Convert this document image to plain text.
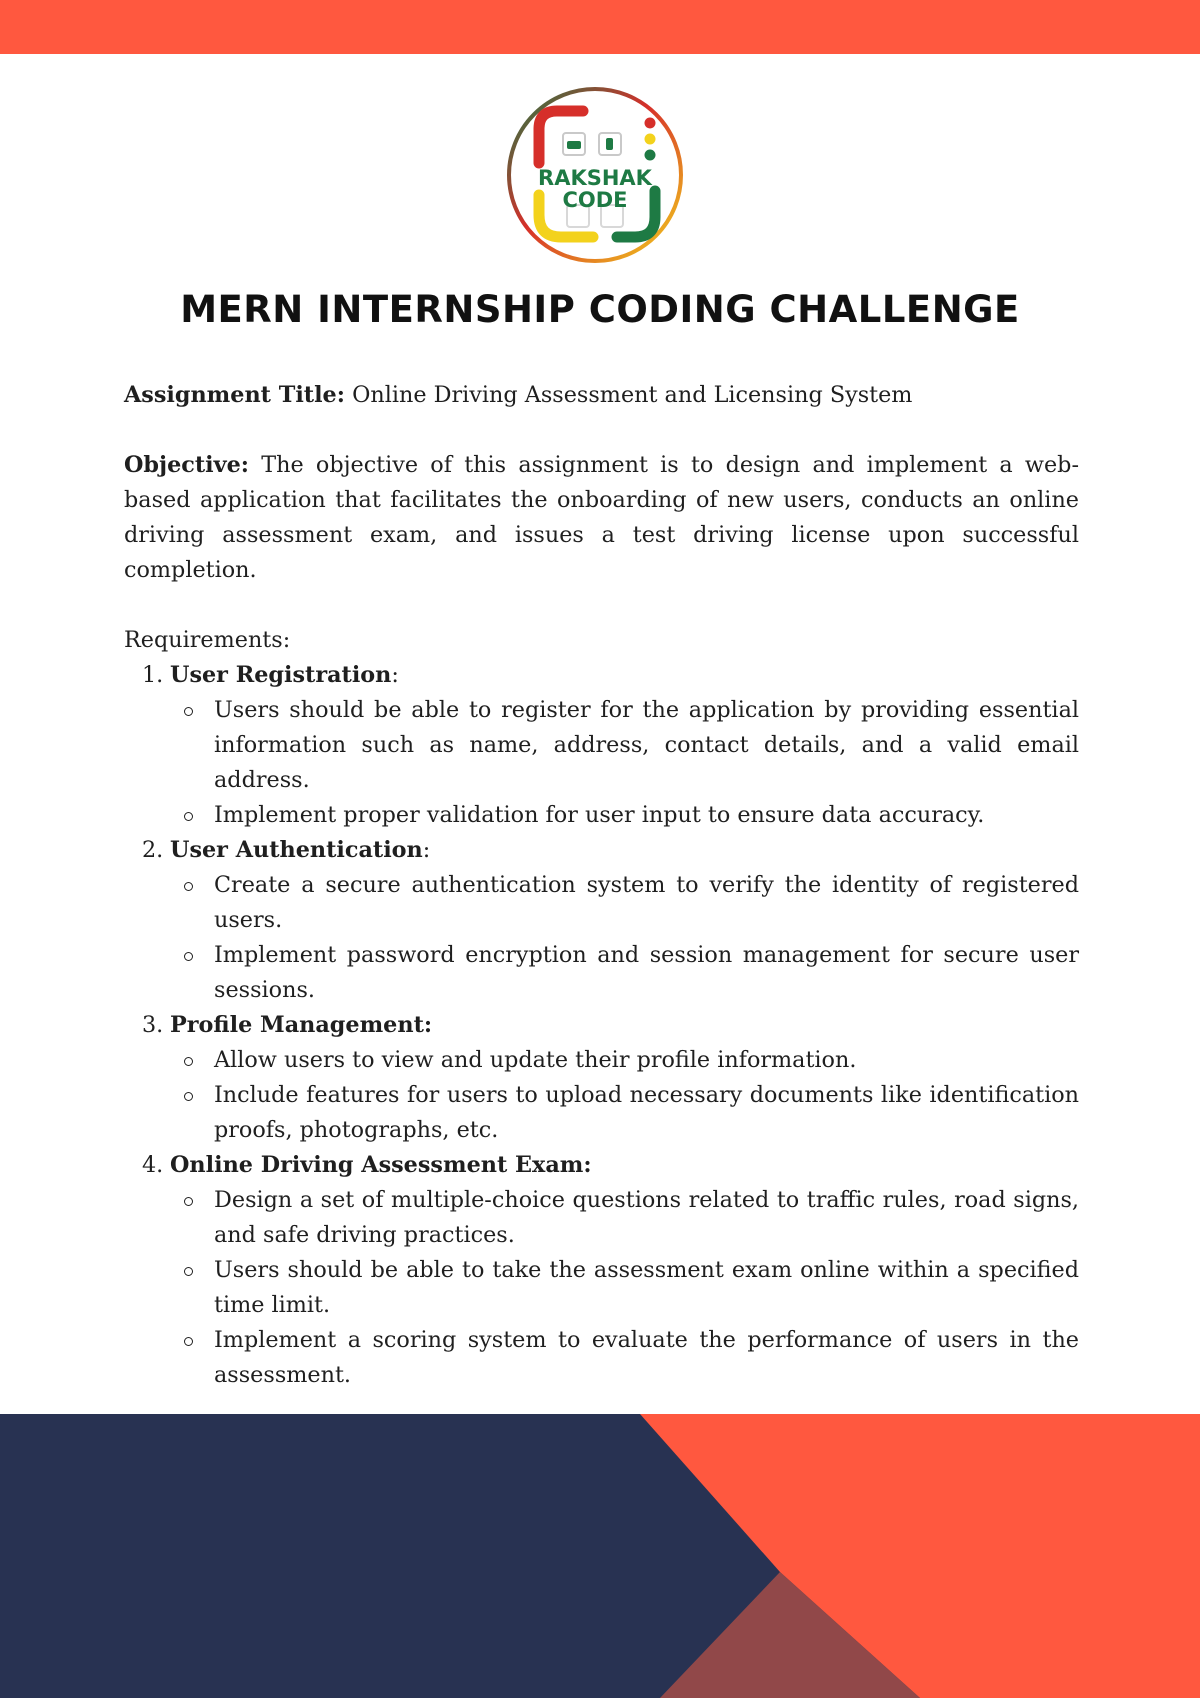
RAKSHAK
CODE
MERN INTERNSHIP CODING CHALLENGE

Assignment Title: Online Driving Assessment and Licensing System

Objective: The objective of this assignment is to design and implement a web-based application that facilitates the onboarding of new users, conducts an online driving assessment exam, and issues a test driving license upon successful completion.

Requirements:

1. User Registration:
Users should be able to register for the application by providing essential information such as name, address, contact details, and a valid email address.
Implement proper validation for user input to ensure data accuracy.
2. User Authentication:
Create a secure authentication system to verify the identity of registered users.
Implement password encryption and session management for secure user sessions.
3. Profile Management:
Allow users to view and update their profile information.
Include features for users to upload necessary documents like identification proofs, photographs, etc.
4. Online Driving Assessment Exam:
Design a set of multiple-choice questions related to traffic rules, road signs, and safe driving practices.
Users should be able to take the assessment exam online within a specified time limit.
Implement a scoring system to evaluate the performance of users in the assessment.
